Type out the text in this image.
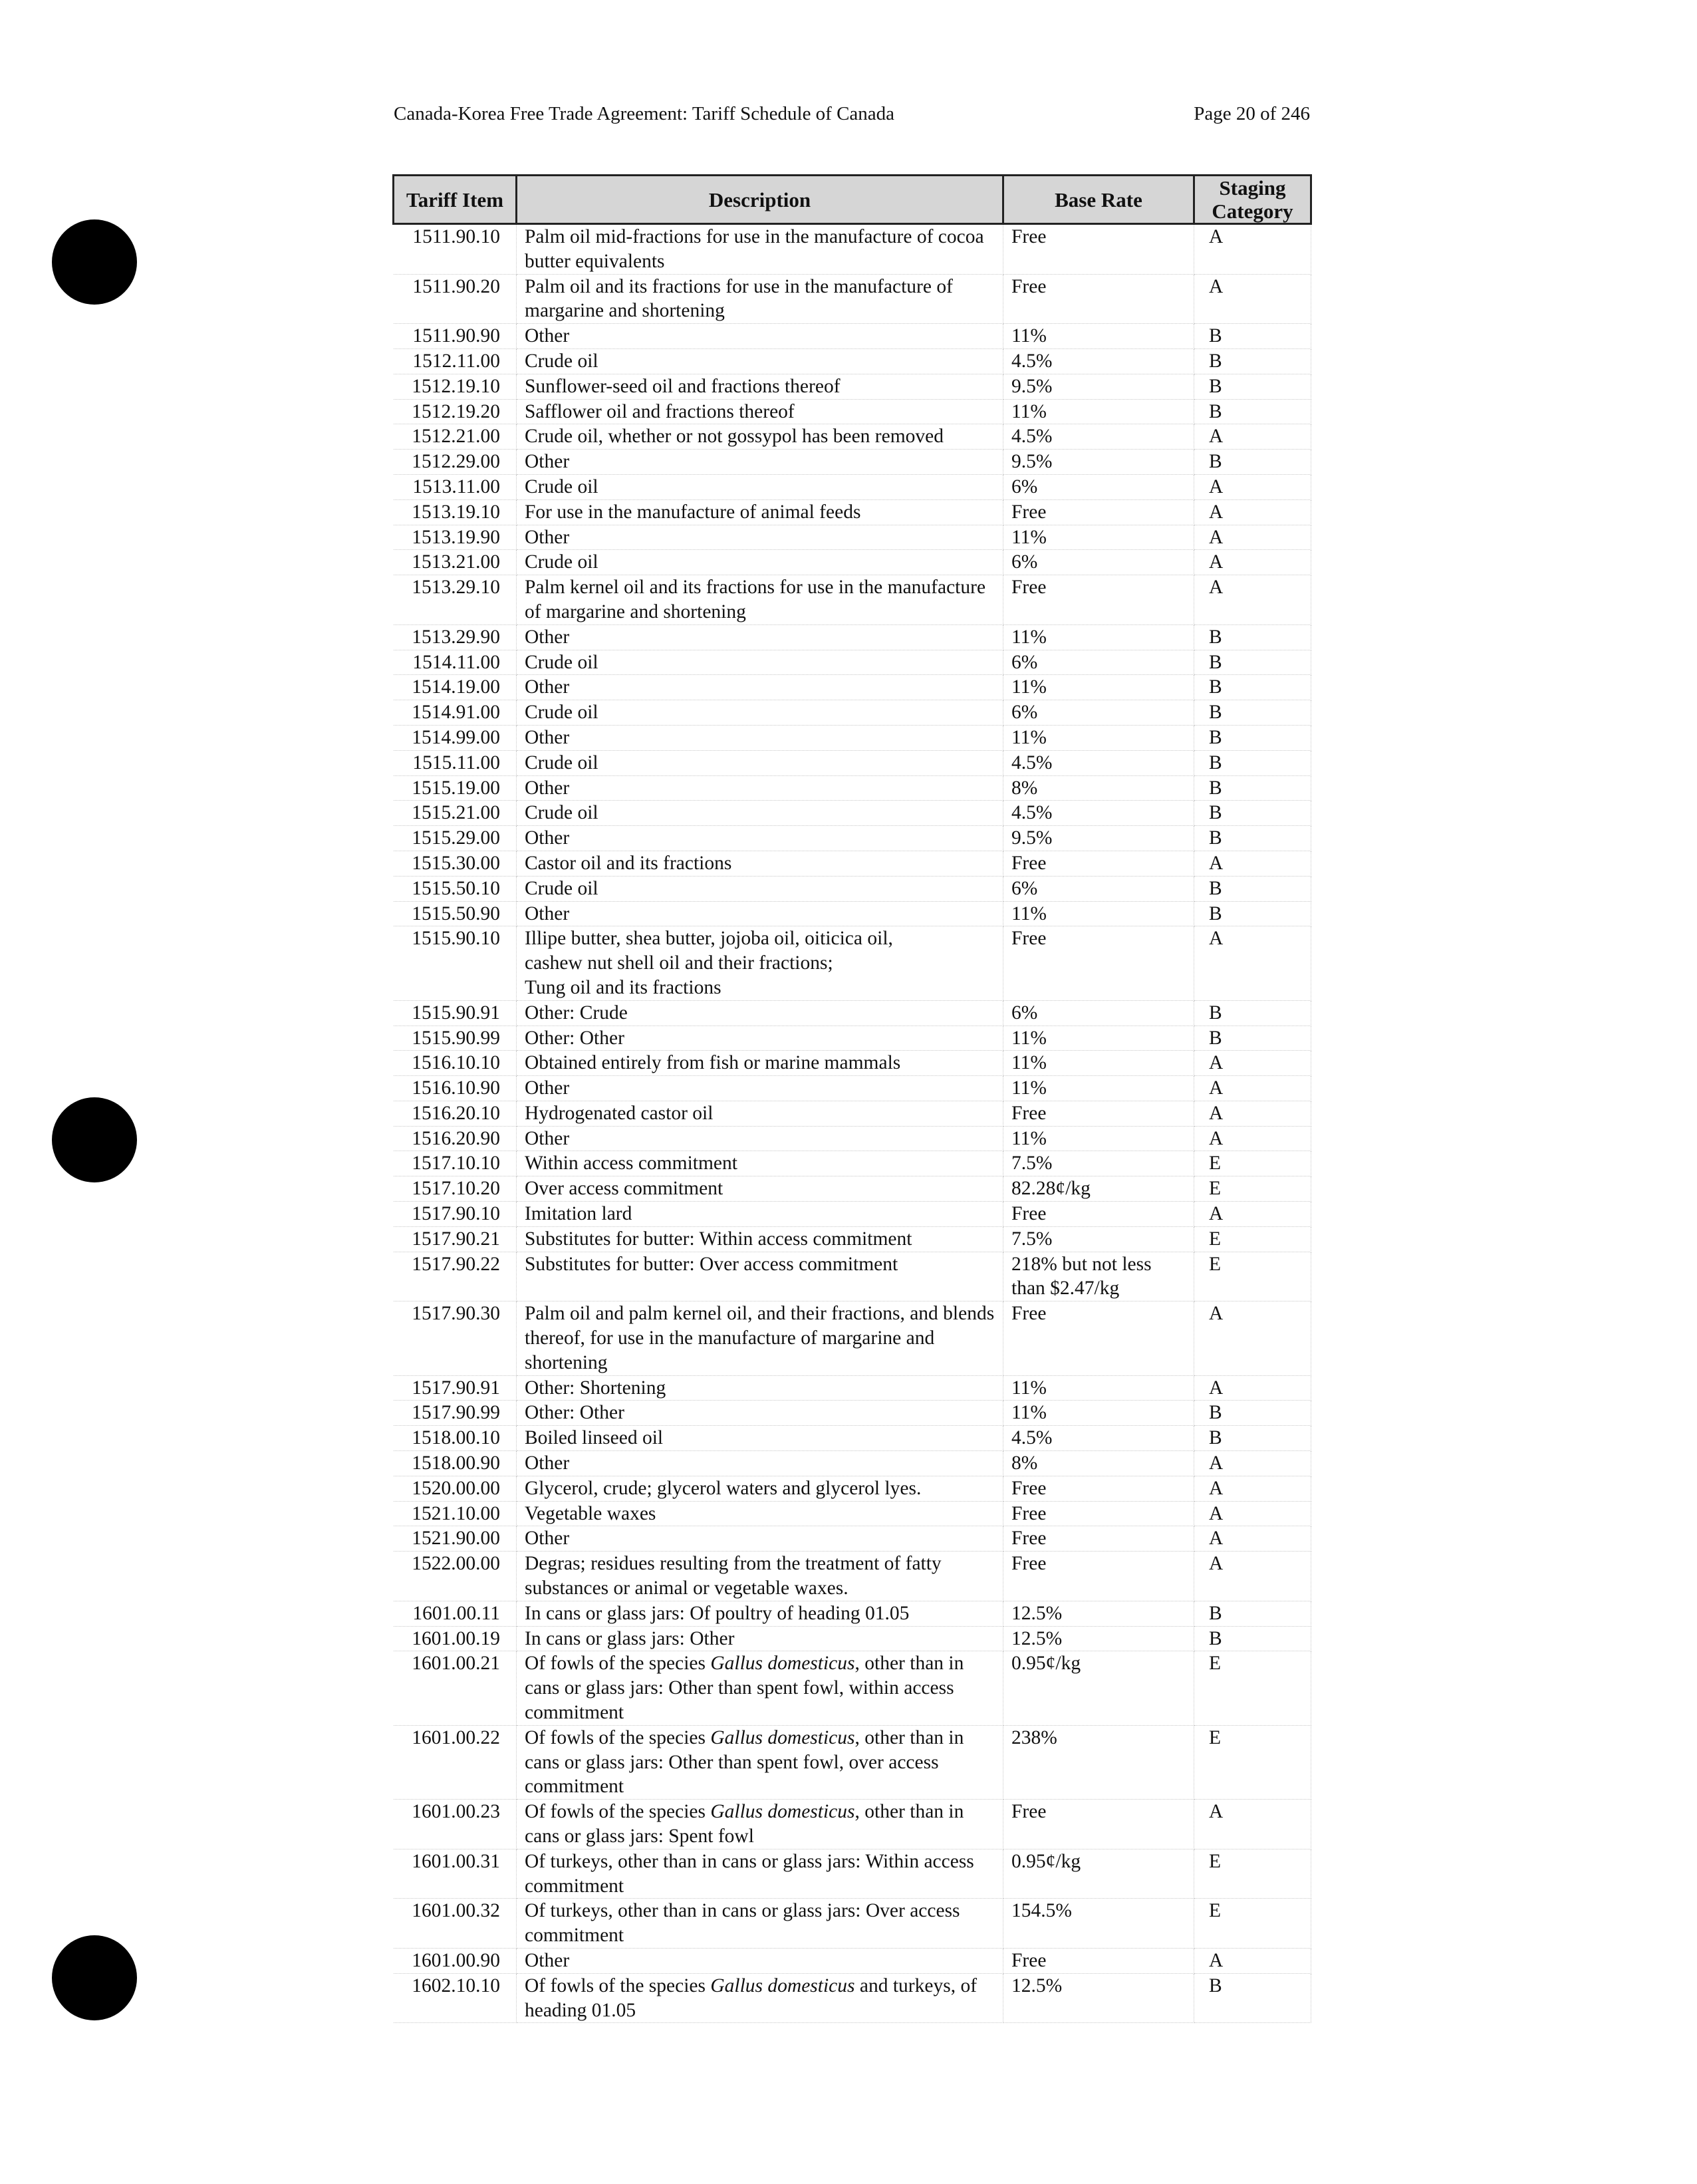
Canada-Korea Free Trade Agreement: Tariff Schedule of Canada	Page 20 of 246
Tariff Item	Description	Base Rate	Staging Category
1511.90.10	Palm oil mid-fractions for use in the manufacture of cocoa butter equivalents	Free	A
1511.90.20	Palm oil and its fractions for use in the manufacture of margarine and shortening	Free	A
1511.90.90	Other	11%	B
1512.11.00	Crude oil	4.5%	B
1512.19.10	Sunflower-seed oil and fractions thereof	9.5%	B
1512.19.20	Safflower oil and fractions thereof	11%	B
1512.21.00	Crude oil, whether or not gossypol has been removed	4.5%	A
1512.29.00	Other	9.5%	B
1513.11.00	Crude oil	6%	A
1513.19.10	For use in the manufacture of animal feeds	Free	A
1513.19.90	Other	11%	A
1513.21.00	Crude oil	6%	A
1513.29.10	Palm kernel oil and its fractions for use in the manufacture of margarine and shortening	Free	A
1513.29.90	Other	11%	B
1514.11.00	Crude oil	6%	B
1514.19.00	Other	11%	B
1514.91.00	Crude oil	6%	B
1514.99.00	Other	11%	B
1515.11.00	Crude oil	4.5%	B
1515.19.00	Other	8%	B
1515.21.00	Crude oil	4.5%	B
1515.29.00	Other	9.5%	B
1515.30.00	Castor oil and its fractions	Free	A
1515.50.10	Crude oil	6%	B
1515.50.90	Other	11%	B
1515.90.10	Illipe butter, shea butter, jojoba oil, oiticica oil,
cashew nut shell oil and their fractions;
Tung oil and its fractions	Free	A
1515.90.91	Other: Crude	6%	B
1515.90.99	Other: Other	11%	B
1516.10.10	Obtained entirely from fish or marine mammals	11%	A
1516.10.90	Other	11%	A
1516.20.10	Hydrogenated castor oil	Free	A
1516.20.90	Other	11%	A
1517.10.10	Within access commitment	7.5%	E
1517.10.20	Over access commitment	82.28¢/kg	E
1517.90.10	Imitation lard	Free	A
1517.90.21	Substitutes for butter: Within access commitment	7.5%	E
1517.90.22	Substitutes for butter: Over access commitment	218% but not less than $2.47/kg	E
1517.90.30	Palm oil and palm kernel oil, and their fractions, and blends thereof, for use in the manufacture of margarine and shortening	Free	A
1517.90.91	Other: Shortening	11%	A
1517.90.99	Other: Other	11%	B
1518.00.10	Boiled linseed oil	4.5%	B
1518.00.90	Other	8%	A
1520.00.00	Glycerol, crude; glycerol waters and glycerol lyes.	Free	A
1521.10.00	Vegetable waxes	Free	A
1521.90.00	Other	Free	A
1522.00.00	Degras; residues resulting from the treatment of fatty substances or animal or vegetable waxes.	Free	A
1601.00.11	In cans or glass jars: Of poultry of heading 01.05	12.5%	B
1601.00.19	In cans or glass jars: Other	12.5%	B
1601.00.21	Of fowls of the species Gallus domesticus, other than in cans or glass jars: Other than spent fowl, within access commitment	0.95¢/kg	E
1601.00.22	Of fowls of the species Gallus domesticus, other than in cans or glass jars: Other than spent fowl, over access commitment	238%	E
1601.00.23	Of fowls of the species Gallus domesticus, other than in cans or glass jars: Spent fowl	Free	A
1601.00.31	Of turkeys, other than in cans or glass jars: Within access commitment	0.95¢/kg	E
1601.00.32	Of turkeys, other than in cans or glass jars: Over access commitment	154.5%	E
1601.00.90	Other	Free	A
1602.10.10	Of fowls of the species Gallus domesticus and turkeys, of heading 01.05	12.5%	B
